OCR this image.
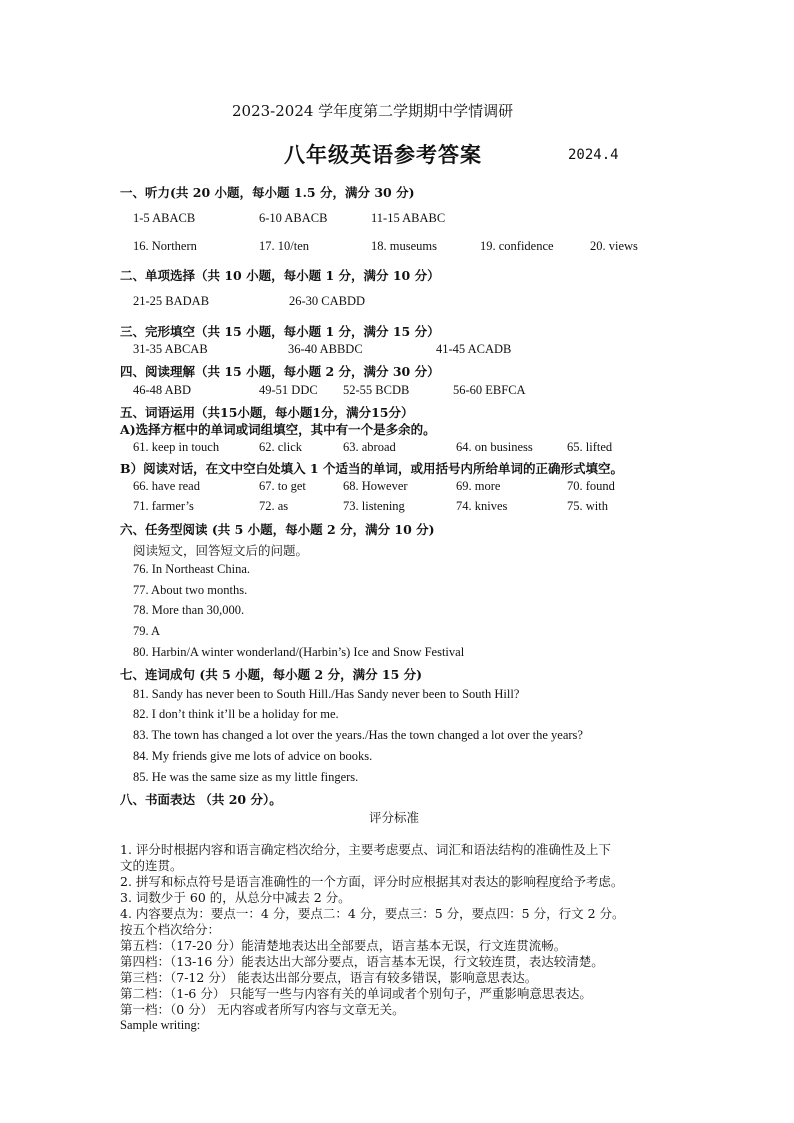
2023-2024 学年度第二学期期中学情调研
八年级英语参考答案	2024.4
一、听力(共 20 小题，每小题 1.5 分，满分 30 分)
1-5 ABACB	6-10 ABACB	11-15 ABABC
16. Northern	17. 10/ten	18. museums	19. confidence	20. views
二、单项选择（共 10 小题，每小题 1 分，满分 10 分）
21-25 BADAB	26-30 CABDD
三、完形填空（共 15 小题，每小题 1 分，满分 15 分）
31-35 ABCAB	36-40 ABBDC	41-45 ACADB
四、阅读理解（共 15 小题，每小题 2 分，满分 30 分）
46-48 ABD	49-51 DDC 52-55 BCDB	56-60 EBFCA
五、词语运用（共15小题，每小题1分，满分15分）
A)选择方框中的单词或词组填空，其中有一个是多余的。
61. keep in touch	62. click	63. abroad	64. on business	65. lifted
B）阅读对话，在文中空白处填入 1 个适当的单词，或用括号内所给单词的正确形式填空。
66. have read	67. to get	68. However	69. more	70. found
71. farmer’s	72. as	73. listening	74. knives	75. with
六、任务型阅读 (共 5 小题，每小题 2 分，满分 10 分)
阅读短文，回答短文后的问题。
76. In Northeast China.
77. About two months.
78. More than 30,000.
79. A
80. Harbin/A winter wonderland/(Harbin’s) Ice and Snow Festival
七、连词成句 (共 5 小题，每小题 2 分，满分 15 分)
81. Sandy has never been to South Hill./Has Sandy never been to South Hill?
82. I don’t think it’ll be a holiday for me.
83. The town has changed a lot over the years./Has the town changed a lot over the years?
84. My friends give me lots of advice on books.
85. He was the same size as my little fingers.
八、书面表达 （共 20 分）。
评分标准
1. 评分时根据内容和语言确定档次给分，主要考虑要点、词汇和语法结构的准确性及上下
文的连贯。
2. 拼写和标点符号是语言准确性的一个方面，评分时应根据其对表达的影响程度给予考虑。
3. 词数少于 60 的，从总分中减去 2 分。
4. 内容要点为：要点一：4 分，要点二：4 分，要点三：5 分，要点四：5 分，行文 2 分。
按五个档次给分：
第五档：（17-20 分）能清楚地表达出全部要点，语言基本无误，行文连贯流畅。
第四档：（13-16 分）能表达出大部分要点，语言基本无误，行文较连贯，表达较清楚。
第三档：（7-12 分） 能表达出部分要点，语言有较多错误，影响意思表达。
第二档：（1-6 分） 只能写一些与内容有关的单词或者个别句子，严重影响意思表达。
第一档：（0 分） 无内容或者所写内容与文章无关。
Sample writing:
